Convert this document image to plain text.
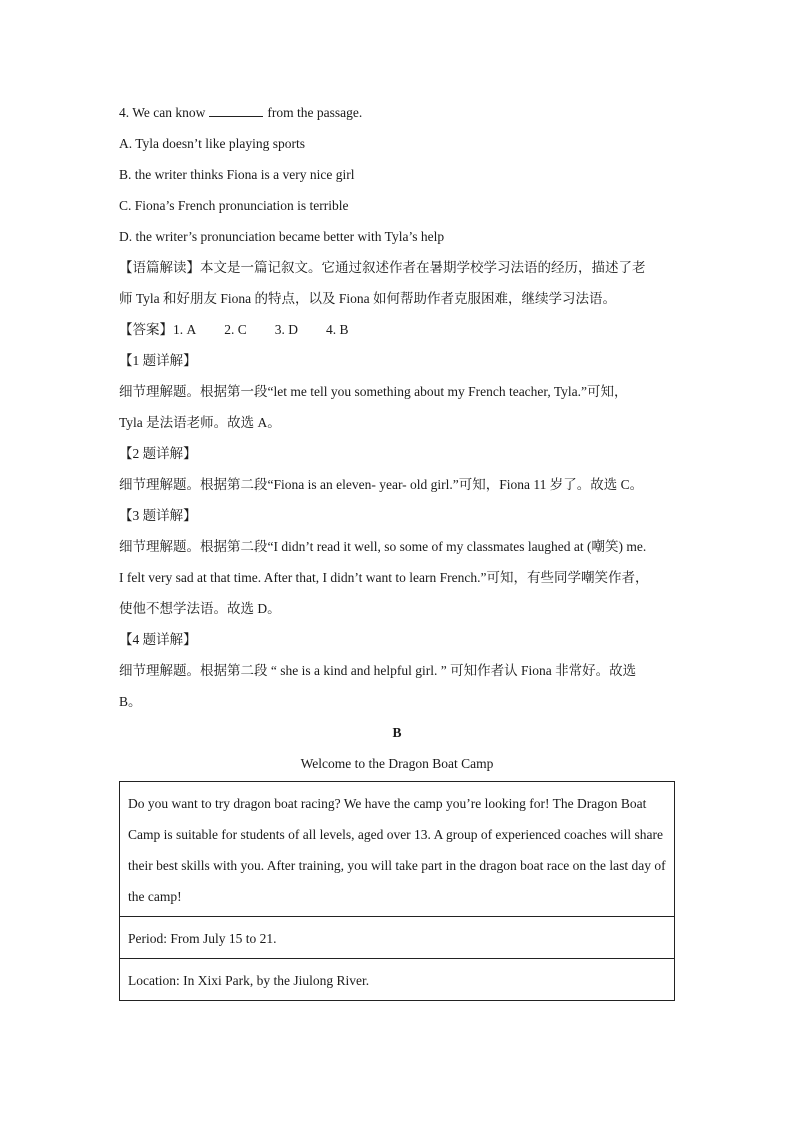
4. We can know	from the passage.

A. Tyla doesn’t like playing sports

B. the writer thinks Fiona is a very nice girl

C. Fiona’s French pronunciation is terrible

D. the writer’s pronunciation became better with Tyla’s help

【语篇解读】本文是一篇记叙文。它通过叙述作者在暑期学校学习法语的经历，描述了老

师 Tyla 和好朋友 Fiona 的特点，以及 Fiona 如何帮助作者克服困难，继续学习法语。

【答案】1. A 2. C 3. D 4. B

【1 题详解】

细节理解题。根据第一段“let me tell you something about my French teacher, Tyla.”可知，

Tyla 是法语老师。故选 A。

【2 题详解】

细节理解题。根据第二段“Fiona is an eleven- year- old girl.”可知，Fiona 11 岁了。故选 C。

【3 题详解】

细节理解题。根据第二段“I didn’t read it well, so some of my classmates laughed at (嘲笑) me.

I felt very sad at that time. After that, I didn’t want to learn French.”可知，有些同学嘲笑作者，

使他不想学法语。故选 D。

【4 题详解】

细节理解题。根据第二段 “ she is a kind and helpful girl. ” 可知作者认 Fiona 非常好。故选

B。

B
Welcome to the Dragon Boat Camp
Do you want to try dragon boat racing? We have the camp you’re looking for! The Dragon Boat Camp is suitable for students of all levels, aged over 13. A group of experienced coaches will share their best skills with you. After training, you will take part in the dragon boat race on the last day of the camp!
Period: From July 15 to 21.
Location: In Xixi Park, by the Jiulong River.
